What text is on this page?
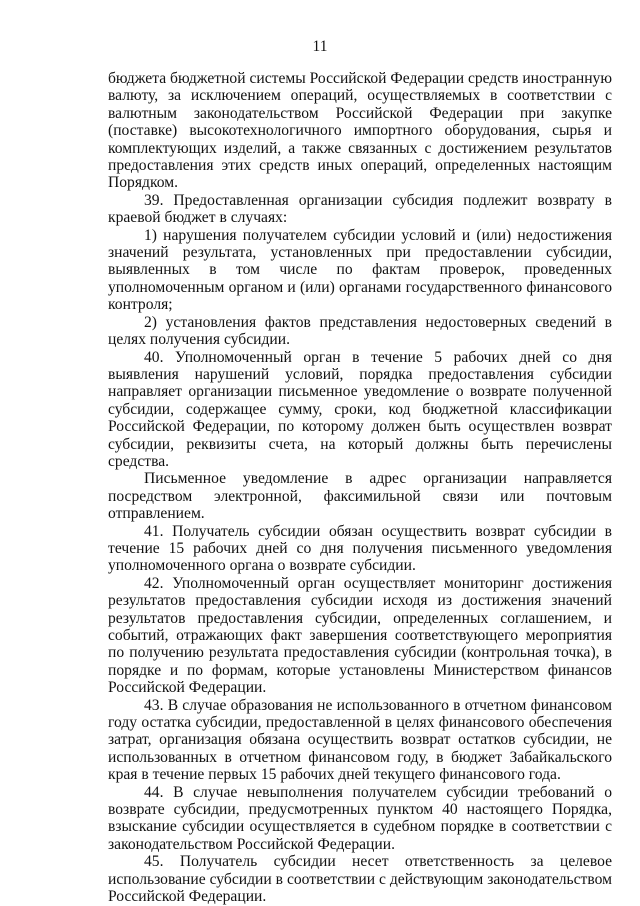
11

бюджета бюджетной системы Российской Федерации средств иностранную валюту, за исключением операций, осуществляемых в соответствии с валютным законодательством Российской Федерации при закупке (поставке) высокотехнологичного импортного оборудования, сырья и комплектующих изделий, а также связанных с достижением результатов предоставления этих средств иных операций, определенных настоящим Порядком.

39. Предоставленная организации субсидия подлежит возврату в краевой бюджет в случаях:

1) нарушения получателем субсидии условий и (или) недостижения значений результата, установленных при предоставлении субсидии, выявленных в том числе по фактам проверок, проведенных уполномоченным органом и (или) органами государственного финансового контроля;

2) установления фактов представления недостоверных сведений в целях получения субсидии.

40. Уполномоченный орган в течение 5 рабочих дней со дня выявления нарушений условий, порядка предоставления субсидии направляет организации письменное уведомление о возврате полученной субсидии, содержащее сумму, сроки, код бюджетной классификации Российской Федерации, по которому должен быть осуществлен возврат субсидии, реквизиты счета, на который должны быть перечислены средства.

Письменное уведомление в адрес организации направляется посредством электронной, факсимильной связи или почтовым отправлением.

41. Получатель субсидии обязан осуществить возврат субсидии в течение 15 рабочих дней со дня получения письменного уведомления уполномоченного органа о возврате субсидии.

42. Уполномоченный орган осуществляет мониторинг достижения результатов предоставления субсидии исходя из достижения значений результатов предоставления субсидии, определенных соглашением, и событий, отражающих факт завершения соответствующего мероприятия по получению результата предоставления субсидии (контрольная точка), в порядке и по формам, которые установлены Министерством финансов Российской Федерации.

43. В случае образования не использованного в отчетном финансовом году остатка субсидии, предоставленной в целях финансового обеспечения затрат, организация обязана осуществить возврат остатков субсидии, не использованных в отчетном финансовом году, в бюджет Забайкальского края в течение первых 15 рабочих дней текущего финансового года.

44. В случае невыполнения получателем субсидии требований о возврате субсидии, предусмотренных пунктом 40 настоящего Порядка, взыскание субсидии осуществляется в судебном порядке в соответствии с законодательством Российской Федерации.

45. Получатель субсидии несет ответственность за целевое использование субсидии в соответствии с действующим законодательством Российской Федерации.
